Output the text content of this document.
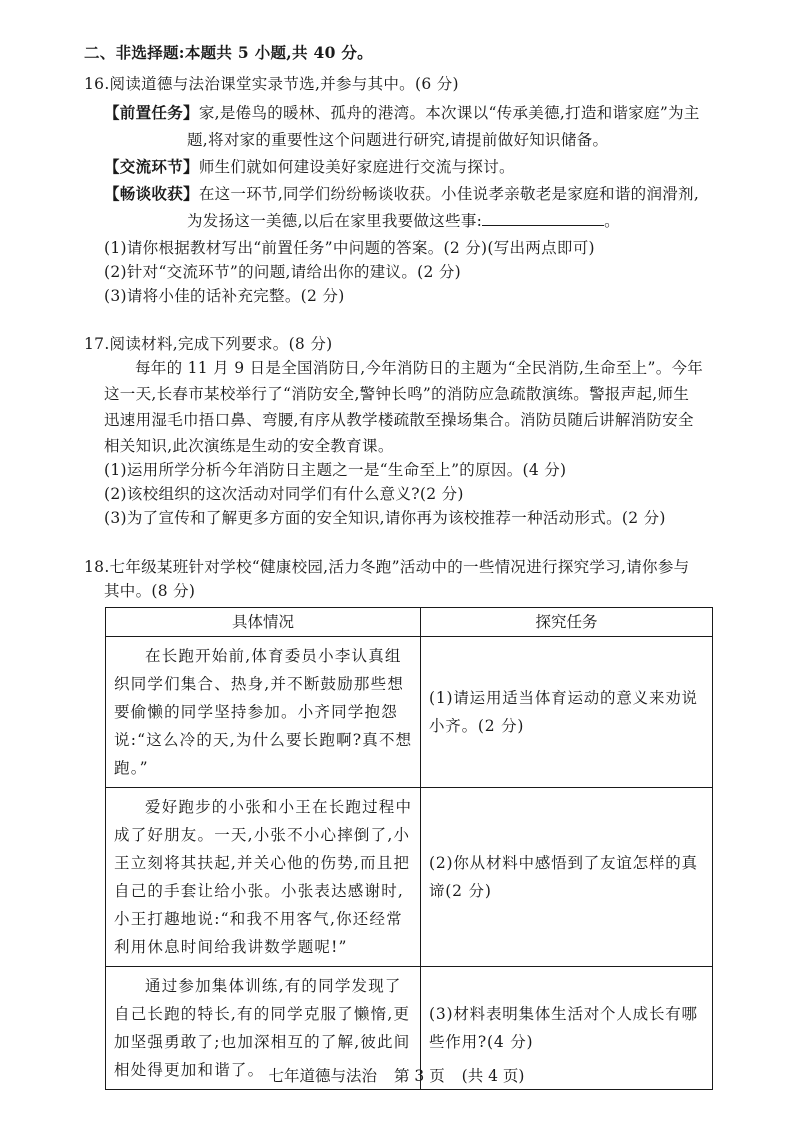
二、非选择题:本题共 5 小题,共 40 分。
16.阅读道德与法治课堂实录节选,并参与其中。(6 分)
【前置任务】家,是倦鸟的暖林、孤舟的港湾。本次课以“传承美德,打造和谐家庭”为主
题,将对家的重要性这个问题进行研究,请提前做好知识储备。
【交流环节】师生们就如何建设美好家庭进行交流与探讨。
【畅谈收获】在这一环节,同学们纷纷畅谈收获。小佳说孝亲敬老是家庭和谐的润滑剂,
为发扬这一美德,以后在家里我要做这些事:	。
(1)请你根据教材写出“前置任务”中问题的答案。(2 分)(写出两点即可)
(2)针对“交流环节”的问题,请给出你的建议。(2 分)
(3)请将小佳的话补充完整。(2 分)
17.阅读材料,完成下列要求。(8 分)
每年的 11 月 9 日是全国消防日,今年消防日的主题为“全民消防,生命至上”。今年
这一天,长春市某校举行了“消防安全,警钟长鸣”的消防应急疏散演练。警报声起,师生
迅速用湿毛巾捂口鼻、弯腰,有序从教学楼疏散至操场集合。消防员随后讲解消防安全
相关知识,此次演练是生动的安全教育课。
(1)运用所学分析今年消防日主题之一是“生命至上”的原因。(4 分)
(2)该校组织的这次活动对同学们有什么意义?(2 分)
(3)为了宣传和了解更多方面的安全知识,请你再为该校推荐一种活动形式。(2 分)
18.七年级某班针对学校“健康校园,活力冬跑”活动中的一些情况进行探究学习,请你参与
其中。(8 分)
具体情况	探究任务

在长跑开始前,体育委员小李认真组织同学们集合、热身,并不断鼓励那些想要偷懒的同学坚持参加。小齐同学抱怨说:“这么冷的天,为什么要长跑啊?真不想跑。”	(1)请运用适当体育运动的意义来劝说小齐。(2 分)

爱好跑步的小张和小王在长跑过程中成了好朋友。一天,小张不小心摔倒了,小王立刻将其扶起,并关心他的伤势,而且把自己的手套让给小张。小张表达感谢时,小王打趣地说:“和我不用客气,你还经常利用休息时间给我讲数学题呢!”	(2)你从材料中感悟到了友谊怎样的真谛(2 分)

通过参加集体训练,有的同学发现了自己长跑的特长,有的同学克服了懒惰,更加坚强勇敢了;也加深相互的了解,彼此间相处得更加和谐了。	(3)材料表明集体生活对个人成长有哪些作用?(4 分)
七年道德与法治 第 3 页 (共 4 页)
